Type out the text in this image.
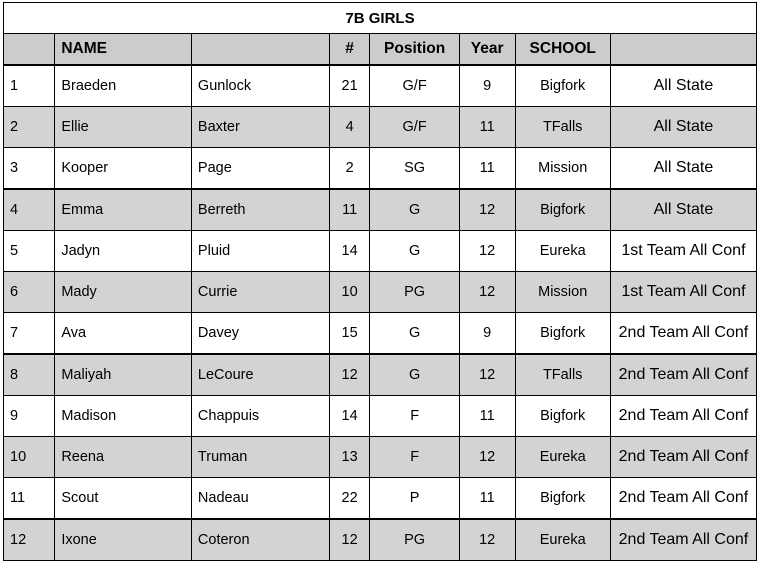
7B GIRLS							
	NAME		#	Position	Year	SCHOOL	
1	Braeden	Gunlock	21	G/F	9	Bigfork	All State
2	Ellie	Baxter	4	G/F	11	TFalls	All State
3	Kooper	Page	2	SG	11	Mission	All State
4	Emma	Berreth	11	G	12	Bigfork	All State
5	Jadyn	Pluid	14	G	12	Eureka	1st Team All Conf
6	Mady	Currie	10	PG	12	Mission	1st Team All Conf
7	Ava	Davey	15	G	9	Bigfork	2nd Team All Conf
8	Maliyah	LeCoure	12	G	12	TFalls	2nd Team All Conf
9	Madison	Chappuis	14	F	11	Bigfork	2nd Team All Conf
10	Reena	Truman	13	F	12	Eureka	2nd Team All Conf
11	Scout	Nadeau	22	P	11	Bigfork	2nd Team All Conf
12	Ixone	Coteron	12	PG	12	Eureka	2nd Team All Conf
